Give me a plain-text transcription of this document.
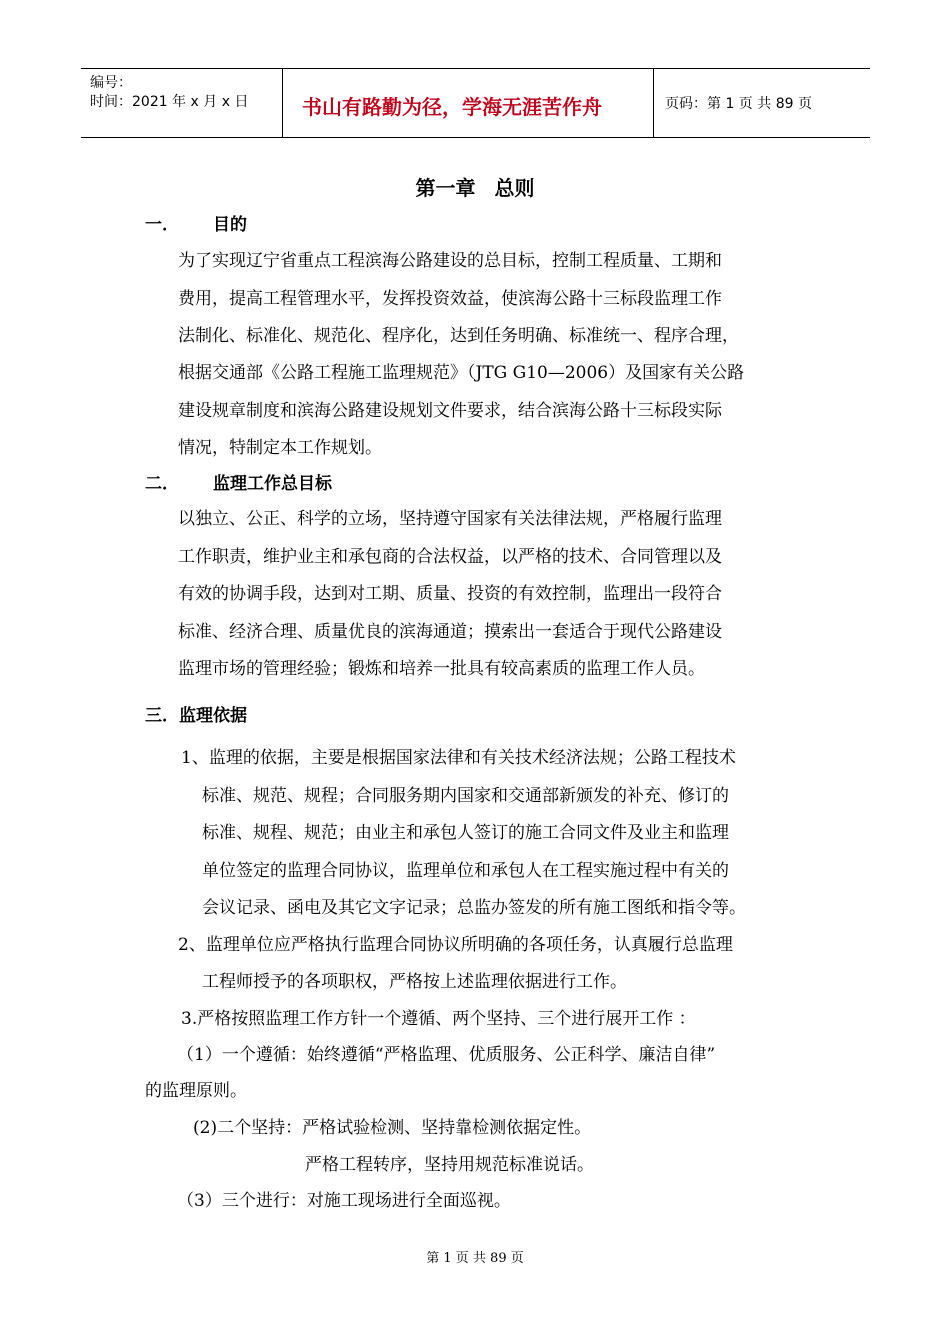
编号：
时间：2021 年 x 月 x 日	书山有路勤为径，学海无涯苦作舟	页码：第 1 页 共 89 页
第一章 总则
一． 目的
为了实现辽宁省重点工程滨海公路建设的总目标，控制工程质量、工期和
费用，提高工程管理水平，发挥投资效益，使滨海公路十三标段监理工作
法制化、标准化、规范化、程序化，达到任务明确、标准统一、程序合理，
根据交通部《公路工程施工监理规范》（JTG G10—2006）及国家有关公路
建设规章制度和滨海公路建设规划文件要求，结合滨海公路十三标段实际
情况，特制定本工作规划。
二． 监理工作总目标
以独立、公正、科学的立场，坚持遵守国家有关法律法规，严格履行监理
工作职责，维护业主和承包商的合法权益，以严格的技术、合同管理以及
有效的协调手段，达到对工期、质量、投资的有效控制，监理出一段符合
标准、经济合理、质量优良的滨海通道；摸索出一套适合于现代公路建设
监理市场的管理经验；锻炼和培养一批具有较高素质的监理工作人员。
三．监理依据
1、监理的依据，主要是根据国家法律和有关技术经济法规；公路工程技术
标准、规范、规程；合同服务期内国家和交通部新颁发的补充、修订的
标准、规程、规范；由业主和承包人签订的施工合同文件及业主和监理
单位签定的监理合同协议，监理单位和承包人在工程实施过程中有关的
会议记录、函电及其它文字记录；总监办签发的所有施工图纸和指令等。
2、监理单位应严格执行监理合同协议所明确的各项任务，认真履行总监理
工程师授予的各项职权，严格按上述监理依据进行工作。
3.严格按照监理工作方针一个遵循、两个坚持、三个进行展开工作 ：
（1）一个遵循：始终遵循“严格监理、优质服务、公正科学、廉洁自律”
的监理原则。
(2)二个坚持：严格试验检测、坚持靠检测依据定性。
严格工程转序，坚持用规范标准说话。
（3）三个进行：对施工现场进行全面巡视。
第 1 页 共 89 页
